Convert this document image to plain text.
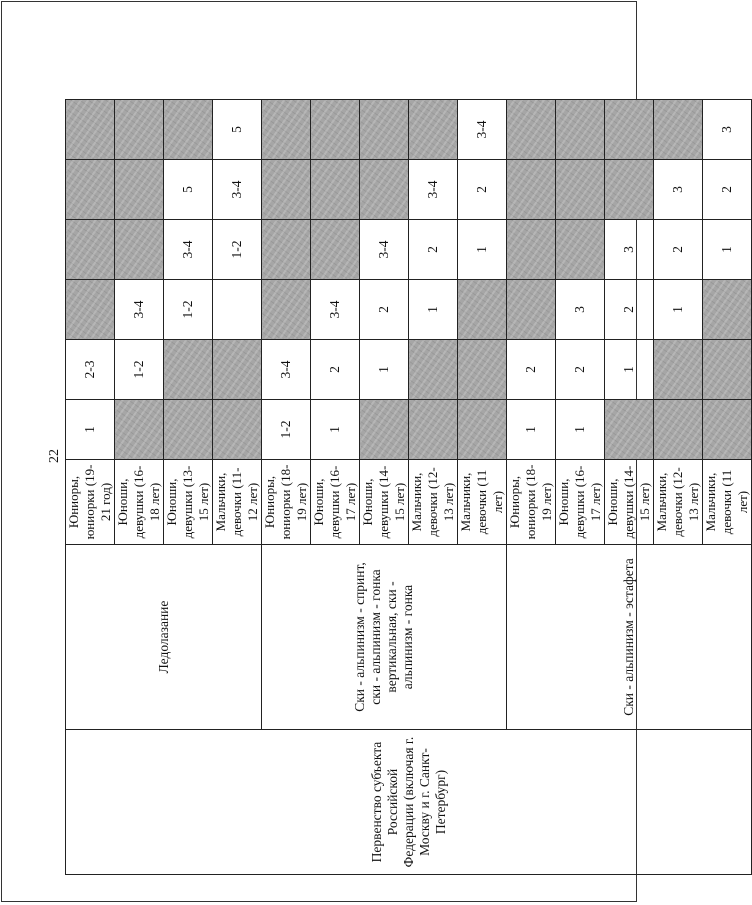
22
Первенство субъекта Российской Федерации (включая г. Москву и г. Санкт-Петербург)	Ледолазание	Юниоры, юниорки (19-21 год)	1	2-3				
		Юноши, девушки (16-18 лет)		1-2	3-4			
		Юноши, девушки (13-15 лет)			1-2	3-4	5	
		Мальчики, девочки (11-12 лет)				1-2	3-4	5
	Ски - альпинизм - спринт, ски - альпинизм - гонка вертикальная, ски - альпинизм - гонка	Юниоры, юниорки (18-19 лет)	1-2	3-4				
		Юноши, девушки (16-17 лет)	1	2	3-4			
		Юноши, девушки (14-15 лет)		1	2	3-4		
		Мальчики, девочки (12-13 лет)			1	2	3-4	
		Мальчики, девочки (11 лет)				1	2	3-4
	Ски - альпинизм - эстафета	Юниоры, юниорки (18-19 лет)	1	2				
		Юноши, девушки (16-17 лет)	1	2	3			
		Юноши, девушки (14-15 лет)		1	2	3		
		Мальчики, девочки (12-13 лет)			1	2	3	
		Мальчики, девочки (11 лет)				1	2	3
